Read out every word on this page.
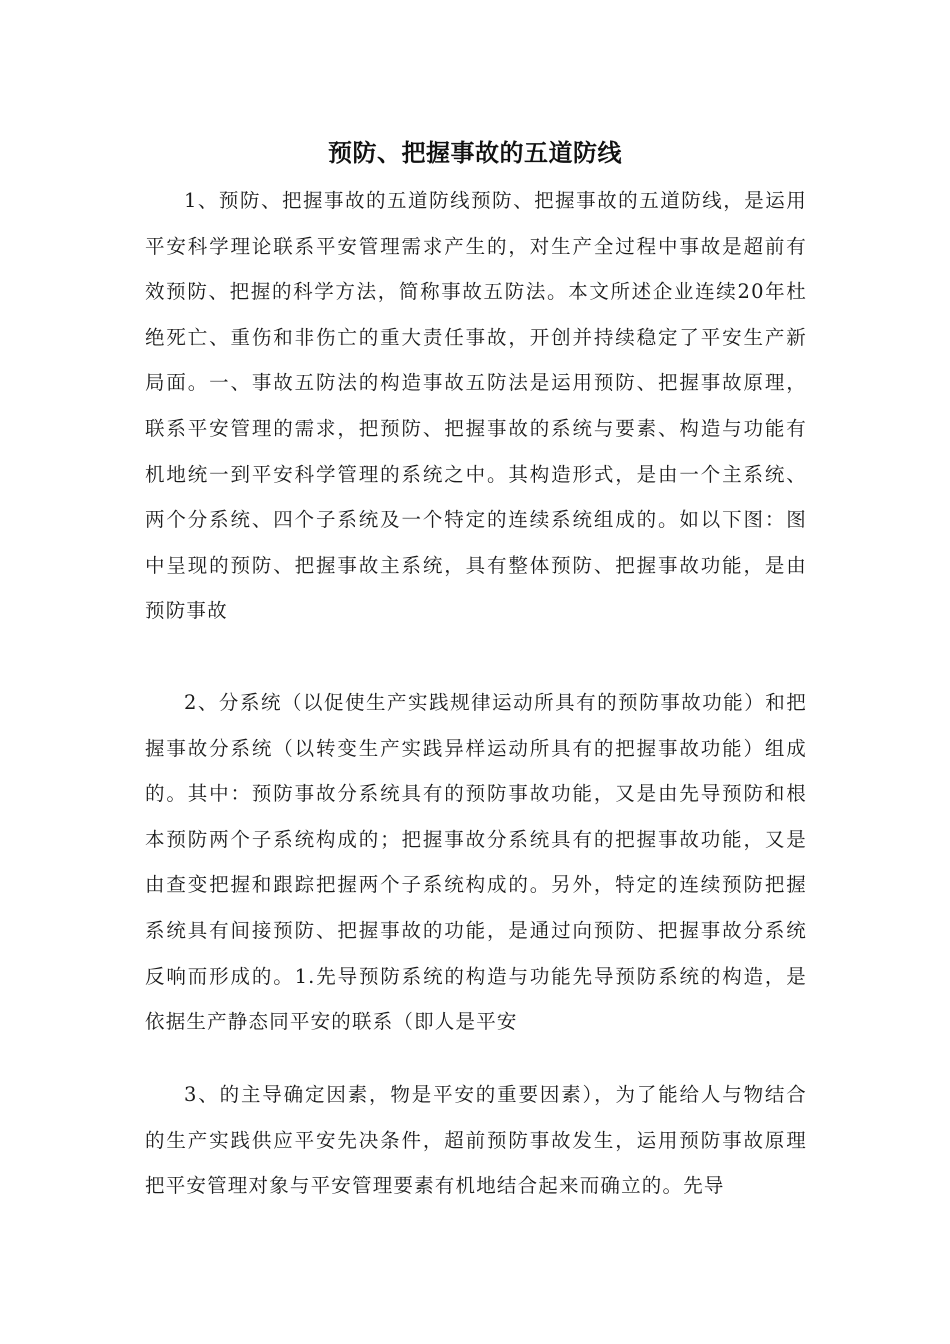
预防、把握事故的五道防线

1、预防、把握事故的五道防线预防、把握事故的五道防线，是运用平安科学理论联系平安管理需求产生的，对生产全过程中事故是超前有效预防、把握的科学方法，简称事故五防法。本文所述企业连续20年杜绝死亡、重伤和非伤亡的重大责任事故，开创并持续稳定了平安生产新局面。一、事故五防法的构造事故五防法是运用预防、把握事故原理，联系平安管理的需求，把预防、把握事故的系统与要素、构造与功能有机地统一到平安科学管理的系统之中。其构造形式，是由一个主系统、两个分系统、四个子系统及一个特定的连续系统组成的。如以下图：图中呈现的预防、把握事故主系统，具有整体预防、把握事故功能，是由预防事故

2、分系统（以促使生产实践规律运动所具有的预防事故功能）和把握事故分系统（以转变生产实践异样运动所具有的把握事故功能）组成的。其中：预防事故分系统具有的预防事故功能，又是由先导预防和根本预防两个子系统构成的；把握事故分系统具有的把握事故功能，又是由查变把握和跟踪把握两个子系统构成的。另外，特定的连续预防把握系统具有间接预防、把握事故的功能，是通过向预防、把握事故分系统反响而形成的。1.先导预防系统的构造与功能先导预防系统的构造，是依据生产静态同平安的联系（即人是平安

3、的主导确定因素，物是平安的重要因素），为了能给人与物结合的生产实践供应平安先决条件，超前预防事故发生，运用预防事故原理把平安管理对象与平安管理要素有机地结合起来而确立的。先导
